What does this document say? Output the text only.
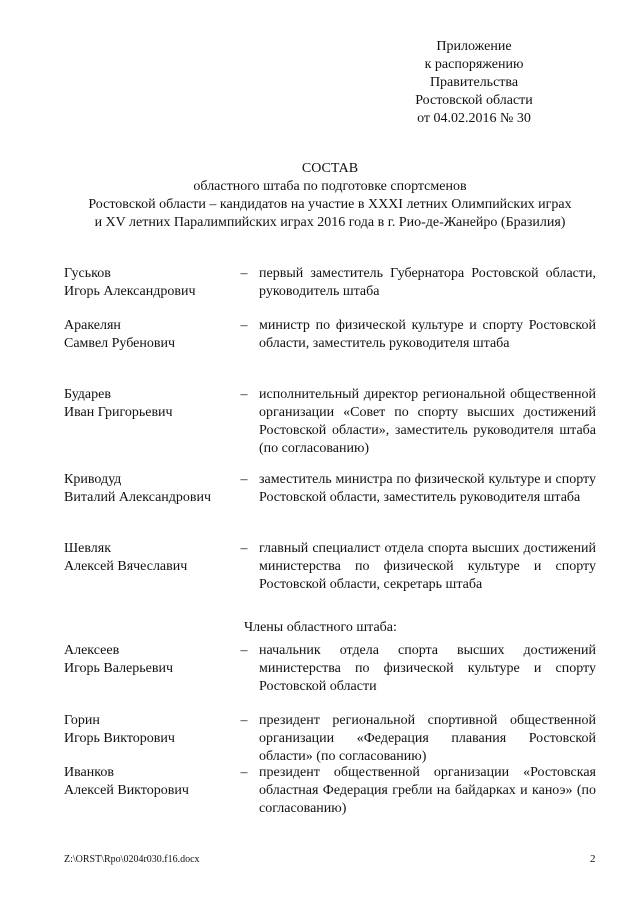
Приложение
к распоряжению
Правительства
Ростовской области
от 04.02.2016 № 30
СОСТАВ
областного штаба по подготовке спортсменов
Ростовской области – кандидатов на участие в XXXI летних Олимпийских играх
и XV летних Паралимпийских играх 2016 года в г. Рио-де-Жанейро (Бразилия)
Гуськов
Игорь Александрович
– первый заместитель Губернатора Ростовской области, руководитель штаба
Аракелян
Самвел Рубенович
– министр по физической культуре и спорту Ростовской области, заместитель руководителя штаба
Бударев
Иван Григорьевич
– исполнительный директор региональной общественной организации «Совет по спорту высших достижений Ростовской области», заместитель руководителя штаба (по согласованию)
Криводуд
Виталий Александрович
– заместитель министра по физической культуре и спорту Ростовской области, заместитель руководителя штаба
Шевляк
Алексей Вячеславич
– главный специалист отдела спорта высших достижений министерства по физической культуре и спорту Ростовской области, секретарь штаба
Члены областного штаба:
Алексеев
Игорь Валерьевич
– начальник отдела спорта высших достижений министерства по физической культуре и спорту Ростовской области
Горин
Игорь Викторович
– президент региональной спортивной общественной организации «Федерация плавания Ростовской области» (по согласованию)
Иванков
Алексей Викторович
– президент общественной организации «Ростовская областная Федерация гребли на байдарках и каноэ» (по согласованию)
Z:\ORST\Rpo\0204r030.f16.docx	2
